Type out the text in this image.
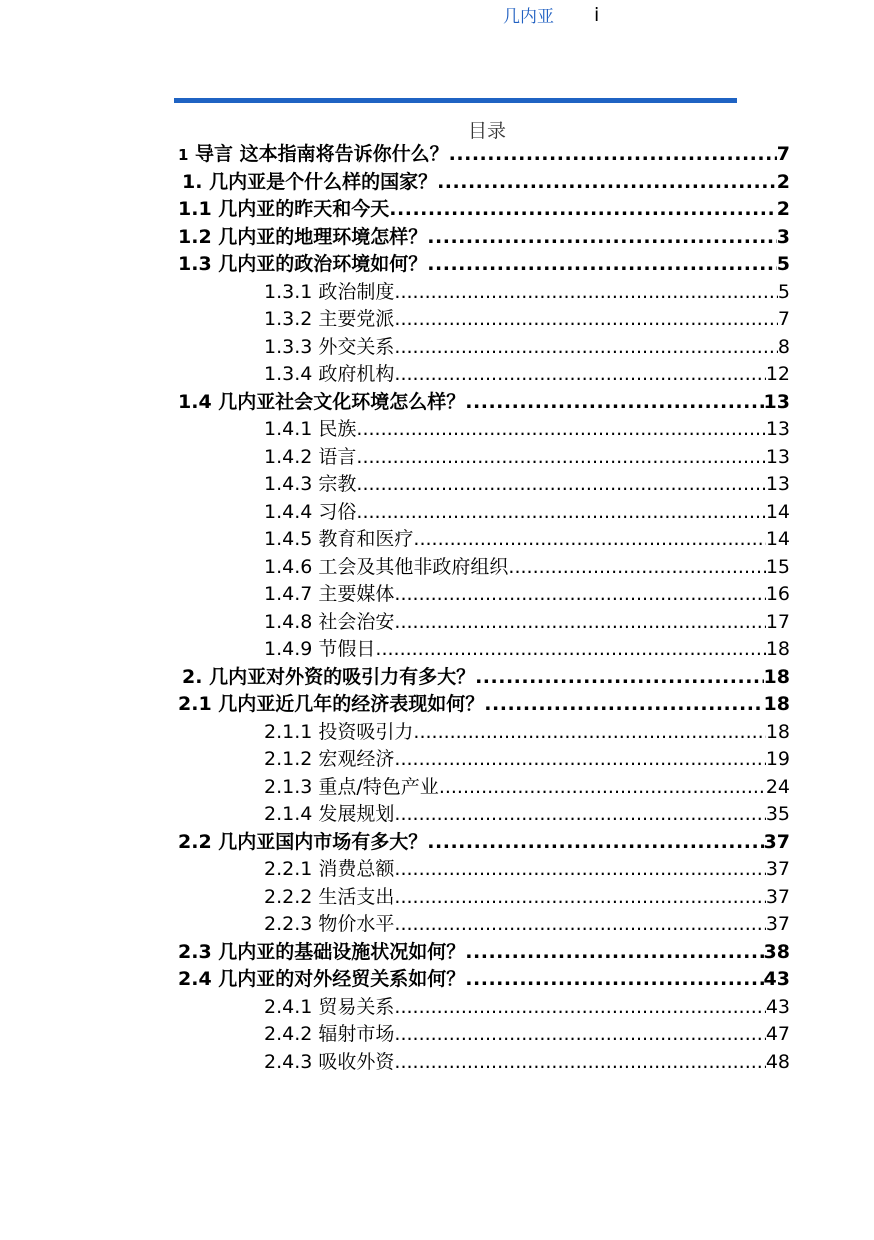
几内亚 i
目录
1 导言 这本指南将告诉你什么？ .....	7
1. 几内亚是个什么样的国家？ .....	2
1.1 几内亚的昨天和今天 .....	2
1.2 几内亚的地理环境怎样？ .....	3
1.3 几内亚的政治环境如何？ .....	5
1.3.1 政治制度 .....	5
1.3.2 主要党派 .....	7
1.3.3 外交关系 .....	8
1.3.4 政府机构 .....	12
1.4 几内亚社会文化环境怎么样？ .....	13
1.4.1 民族 .....	13
1.4.2 语言 .....	13
1.4.3 宗教 .....	13
1.4.4 习俗 .....	14
1.4.5 教育和医疗 .....	14
1.4.6 工会及其他非政府组织 .....	15
1.4.7 主要媒体 .....	16
1.4.8 社会治安 .....	17
1.4.9 节假日 .....	18
2. 几内亚对外资的吸引力有多大？ .....	18
2.1 几内亚近几年的经济表现如何？ .....	18
2.1.1 投资吸引力 .....	18
2.1.2 宏观经济 .....	19
2.1.3 重点/特色产业 .....	24
2.1.4 发展规划 .....	35
2.2 几内亚国内市场有多大？ .....	37
2.2.1 消费总额 .....	37
2.2.2 生活支出 .....	37
2.2.3 物价水平 .....	37
2.3 几内亚的基础设施状况如何？ .....	38
2.4 几内亚的对外经贸关系如何？ .....	43
2.4.1 贸易关系 .....	43
2.4.2 辐射市场 .....	47
2.4.3 吸收外资 .....	48
